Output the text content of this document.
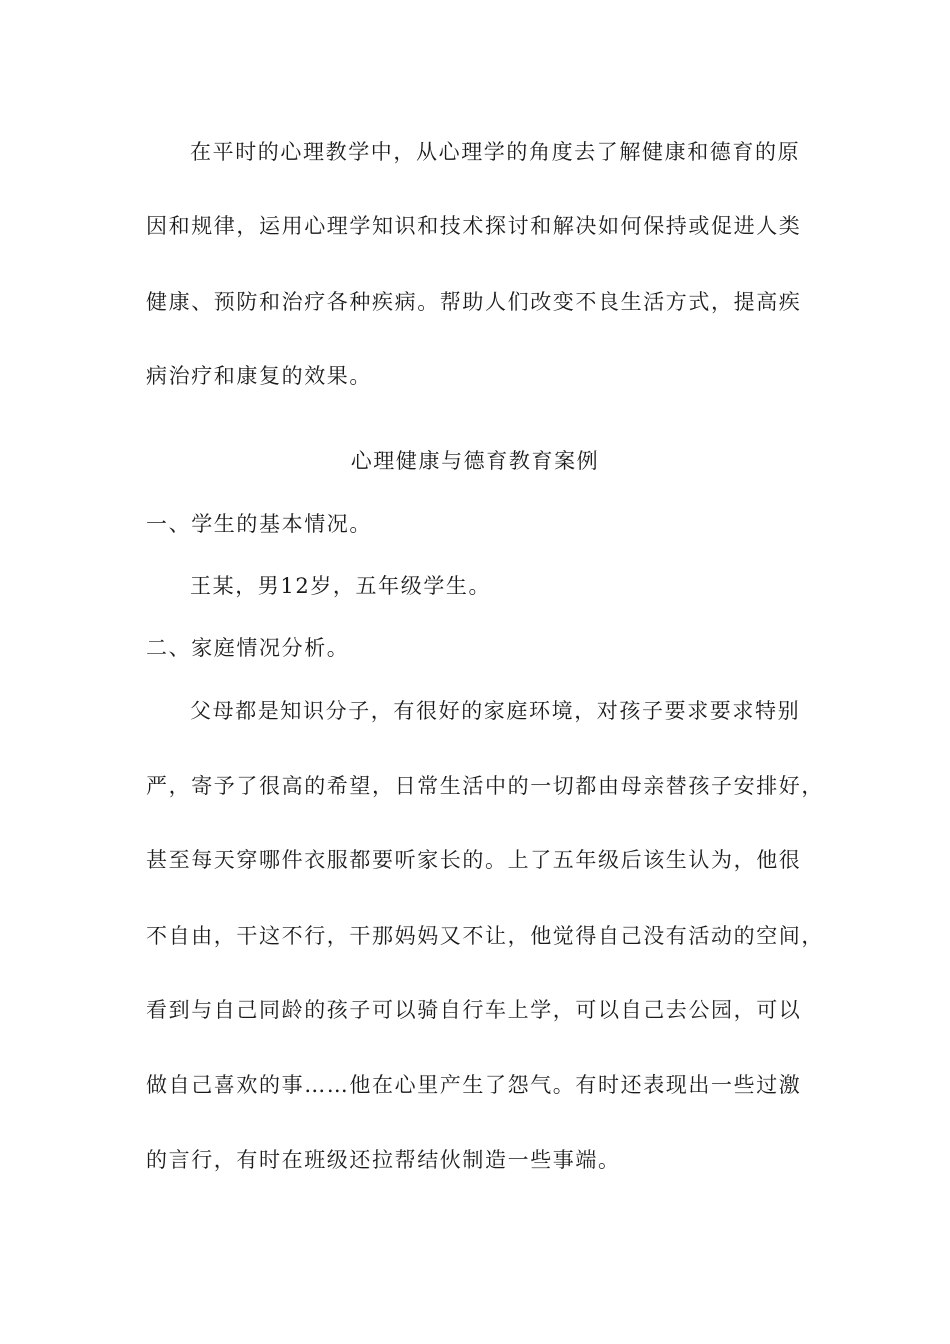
在平时的心理教学中，从心理学的角度去了解健康和德育的原
因和规律，运用心理学知识和技术探讨和解决如何保持或促进人类
健康、预防和治疗各种疾病。帮助人们改变不良生活方式，提高疾
病治疗和康复的效果。
心理健康与德育教育案例
一、学生的基本情况。
王某，男12岁，五年级学生。
二、家庭情况分析。
父母都是知识分子，有很好的家庭环境，对孩子要求要求特别
严，寄予了很高的希望，日常生活中的一切都由母亲替孩子安排好，
甚至每天穿哪件衣服都要听家长的。上了五年级后该生认为，他很
不自由，干这不行，干那妈妈又不让，他觉得自己没有活动的空间，
看到与自己同龄的孩子可以骑自行车上学，可以自己去公园，可以
做自己喜欢的事……他在心里产生了怨气。有时还表现出一些过激
的言行，有时在班级还拉帮结伙制造一些事端。
